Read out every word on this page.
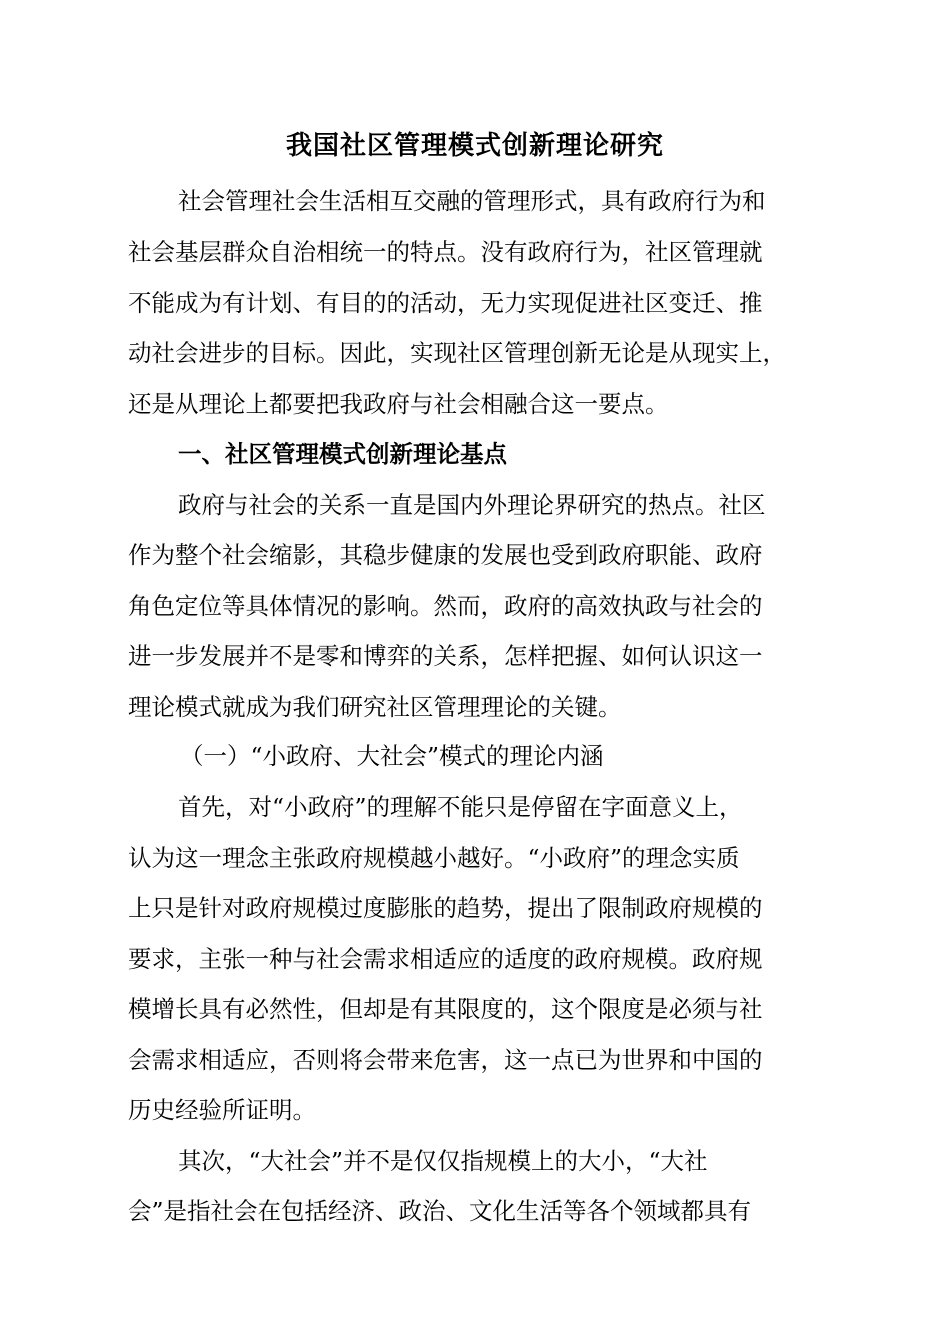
我国社区管理模式创新理论研究
社会管理社会生活相互交融的管理形式，具有政府行为和
社会基层群众自治相统一的特点。没有政府行为，社区管理就
不能成为有计划、有目的的活动，无力实现促进社区变迁、推
动社会进步的目标。因此，实现社区管理创新无论是从现实上，
还是从理论上都要把我政府与社会相融合这一要点。
一、社区管理模式创新理论基点
政府与社会的关系一直是国内外理论界研究的热点。社区
作为整个社会缩影，其稳步健康的发展也受到政府职能、政府
角色定位等具体情况的影响。然而，政府的高效执政与社会的
进一步发展并不是零和博弈的关系，怎样把握、如何认识这一
理论模式就成为我们研究社区管理理论的关键。
（一）“小政府、大社会”模式的理论内涵
首先，对“小政府”的理解不能只是停留在字面意义上，
认为这一理念主张政府规模越小越好。“小政府”的理念实质
上只是针对政府规模过度膨胀的趋势，提出了限制政府规模的
要求，主张一种与社会需求相适应的适度的政府规模。政府规
模增长具有必然性，但却是有其限度的，这个限度是必须与社
会需求相适应，否则将会带来危害，这一点已为世界和中国的
历史经验所证明。
其次，“大社会”并不是仅仅指规模上的大小，“大社
会”是指社会在包括经济、政治、文化生活等各个领域都具有
